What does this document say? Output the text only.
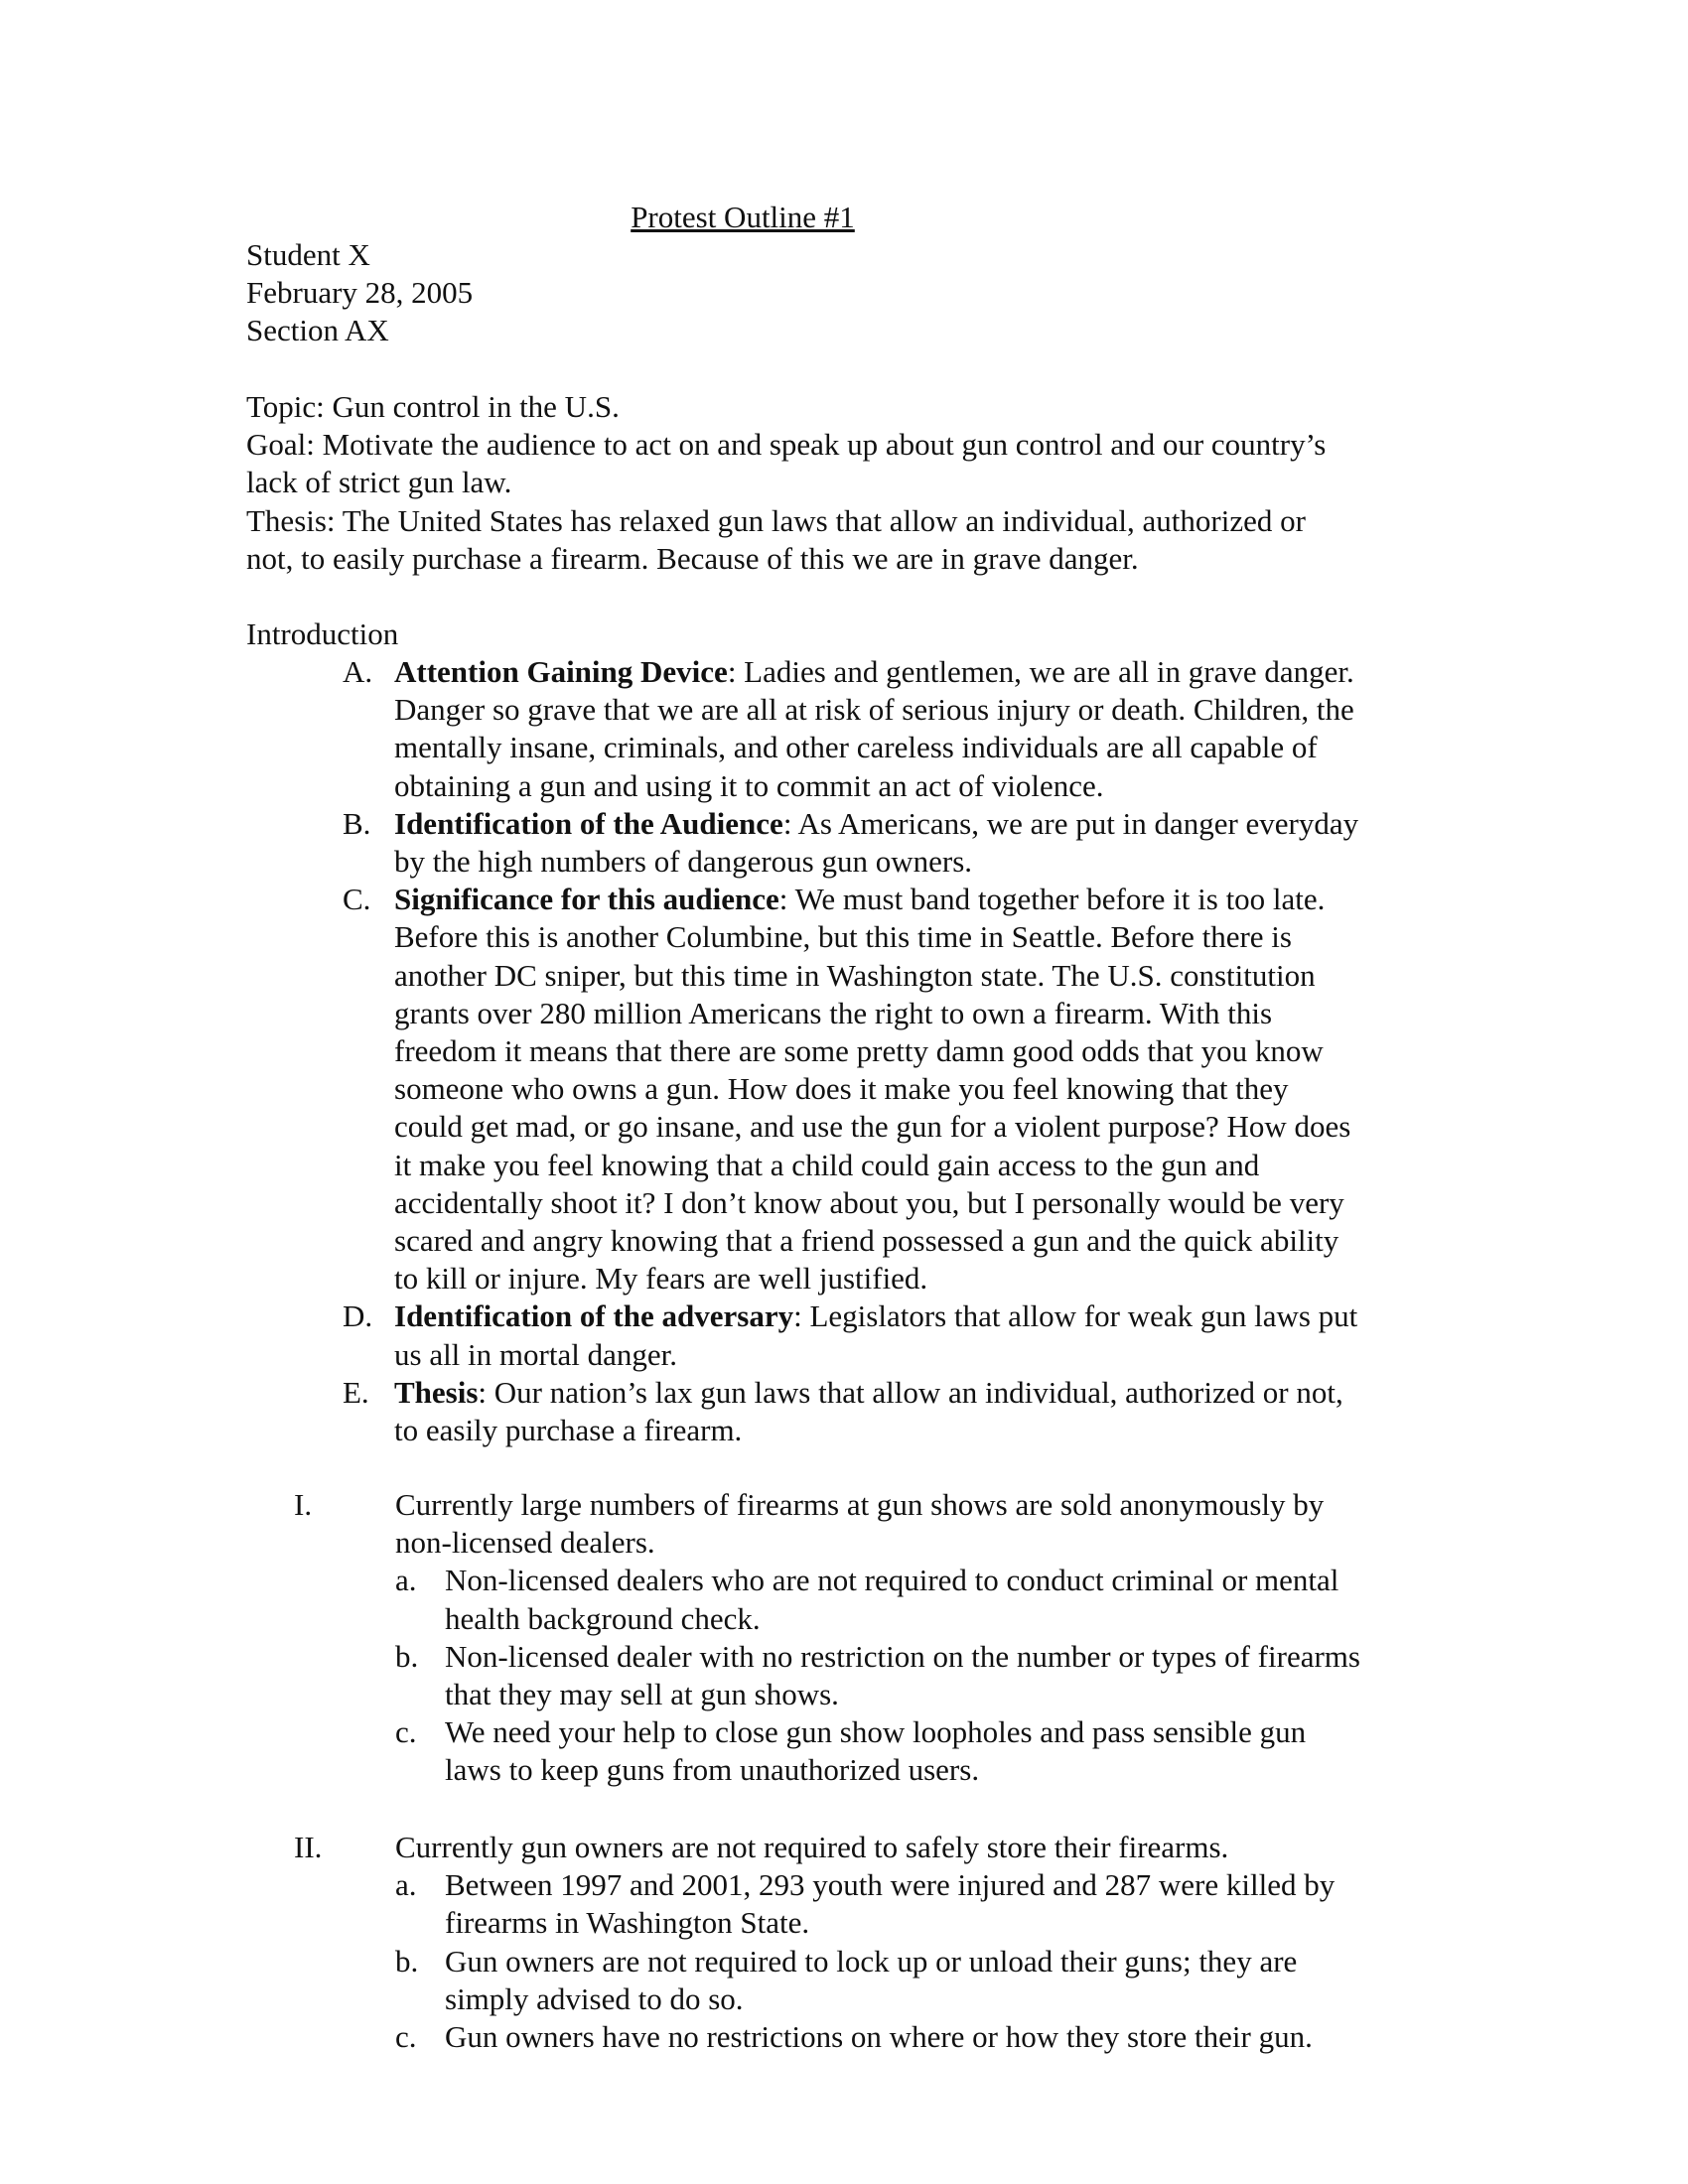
Protest Outline #1
Student X
February 28, 2005
Section AX
Topic: Gun control in the U.S.
Goal: Motivate the audience to act on and speak up about gun control and our country’s
lack of strict gun law.
Thesis: The United States has relaxed gun laws that allow an individual, authorized or
not, to easily purchase a firearm. Because of this we are in grave danger.
Introduction
A. Attention Gaining Device: Ladies and gentlemen, we are all in grave danger.
Danger so grave that we are all at risk of serious injury or death. Children, the
mentally insane, criminals, and other careless individuals are all capable of
obtaining a gun and using it to commit an act of violence.
B. Identification of the Audience: As Americans, we are put in danger everyday
by the high numbers of dangerous gun owners.
C. Significance for this audience: We must band together before it is too late.
Before this is another Columbine, but this time in Seattle. Before there is
another DC sniper, but this time in Washington state. The U.S. constitution
grants over 280 million Americans the right to own a firearm. With this
freedom it means that there are some pretty damn good odds that you know
someone who owns a gun. How does it make you feel knowing that they
could get mad, or go insane, and use the gun for a violent purpose? How does
it make you feel knowing that a child could gain access to the gun and
accidentally shoot it? I don’t know about you, but I personally would be very
scared and angry knowing that a friend possessed a gun and the quick ability
to kill or injure. My fears are well justified.
D. Identification of the adversary: Legislators that allow for weak gun laws put
us all in mortal danger.
E. Thesis: Our nation’s lax gun laws that allow an individual, authorized or not,
to easily purchase a firearm.
I.	Currently large numbers of firearms at gun shows are sold anonymously by
non-licensed dealers.
a. Non-licensed dealers who are not required to conduct criminal or mental
health background check.
b. Non-licensed dealer with no restriction on the number or types of firearms
that they may sell at gun shows.
c. We need your help to close gun show loopholes and pass sensible gun
laws to keep guns from unauthorized users.
II. Currently gun owners are not required to safely store their firearms.
a. Between 1997 and 2001, 293 youth were injured and 287 were killed by
firearms in Washington State.
b. Gun owners are not required to lock up or unload their guns; they are
simply advised to do so.
c. Gun owners have no restrictions on where or how they store their gun.
